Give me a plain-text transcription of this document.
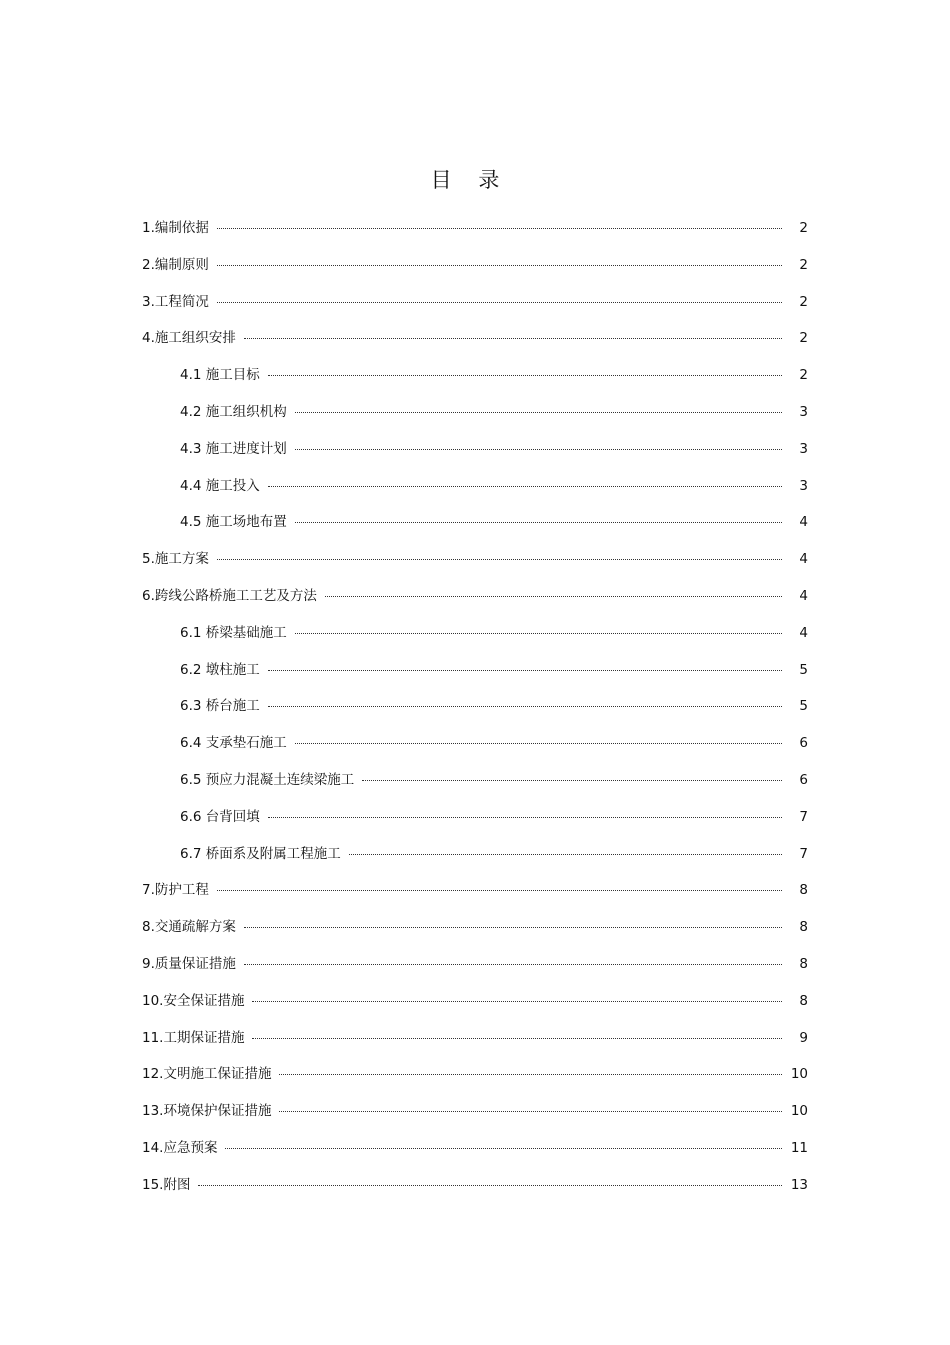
目 录
1.编制依据	2
2.编制原则	2
3.工程简况	2
4.施工组织安排	2
4.1 施工目标	2
4.2 施工组织机构	3
4.3 施工进度计划	3
4.4 施工投入	3
4.5 施工场地布置	4
5.施工方案	4
6.跨线公路桥施工工艺及方法	4
6.1 桥梁基础施工	4
6.2 墩柱施工	5
6.3 桥台施工	5
6.4 支承垫石施工	6
6.5 预应力混凝土连续梁施工	6
6.6 台背回填	7
6.7 桥面系及附属工程施工	7
7.防护工程	8
8.交通疏解方案	8
9.质量保证措施	8
10.安全保证措施	8
11.工期保证措施	9
12.文明施工保证措施	10
13.环境保护保证措施	10
14.应急预案	11
15.附图	13
